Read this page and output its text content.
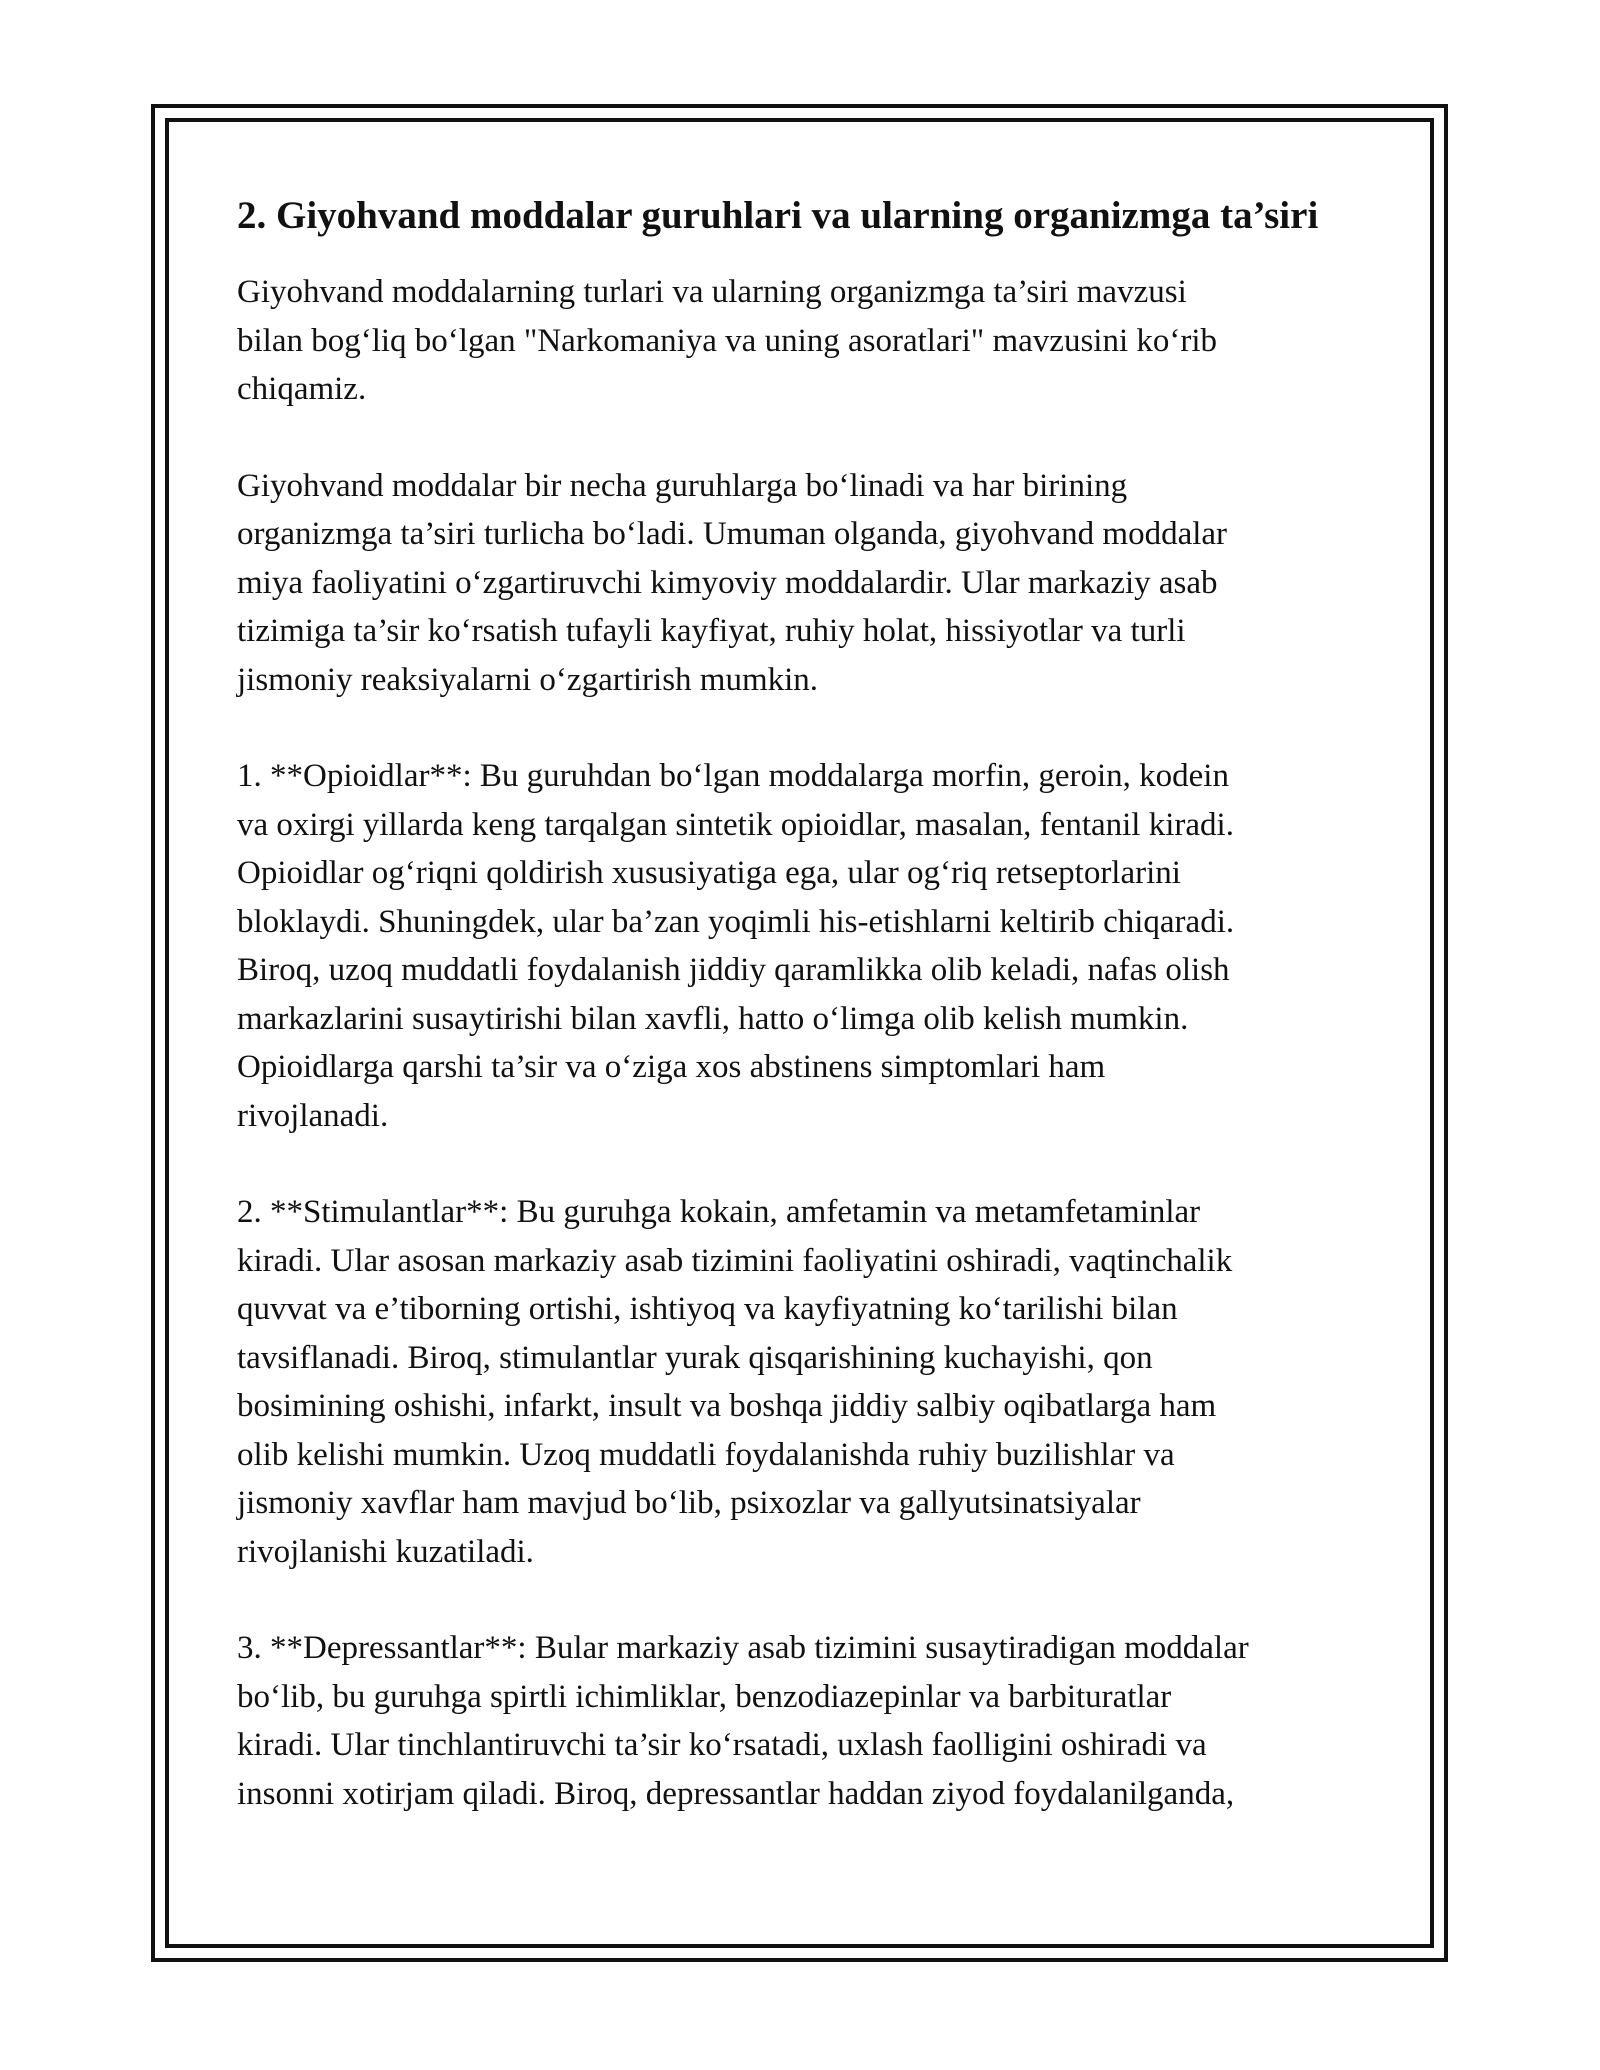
2. Giyohvand moddalar guruhlari va ularning organizmga ta’siri

Giyohvand moddalarning turlari va ularning organizmga ta’siri mavzusi
bilan bog‘liq bo‘lgan "Narkomaniya va uning asoratlari" mavzusini ko‘rib
chiqamiz.

Giyohvand moddalar bir necha guruhlarga bo‘linadi va har birining
organizmga ta’siri turlicha bo‘ladi. Umuman olganda, giyohvand moddalar
miya faoliyatini o‘zgartiruvchi kimyoviy moddalardir. Ular markaziy asab
tizimiga ta’sir ko‘rsatish tufayli kayfiyat, ruhiy holat, hissiyotlar va turli
jismoniy reaksiyalarni o‘zgartirish mumkin.

1. **Opioidlar**: Bu guruhdan bo‘lgan moddalarga morfin, geroin, kodein
va oxirgi yillarda keng tarqalgan sintetik opioidlar, masalan, fentanil kiradi.
Opioidlar og‘riqni qoldirish xususiyatiga ega, ular og‘riq retseptorlarini
bloklaydi. Shuningdek, ular ba’zan yoqimli his-etishlarni keltirib chiqaradi.
Biroq, uzoq muddatli foydalanish jiddiy qaramlikka olib keladi, nafas olish
markazlarini susaytirishi bilan xavfli, hatto o‘limga olib kelish mumkin.
Opioidlarga qarshi ta’sir va o‘ziga xos abstinens simptomlari ham
rivojlanadi.

2. **Stimulantlar**: Bu guruhga kokain, amfetamin va metamfetaminlar
kiradi. Ular asosan markaziy asab tizimini faoliyatini oshiradi, vaqtinchalik
quvvat va e’tiborning ortishi, ishtiyoq va kayfiyatning ko‘tarilishi bilan
tavsiflanadi. Biroq, stimulantlar yurak qisqarishining kuchayishi, qon
bosimining oshishi, infarkt, insult va boshqa jiddiy salbiy oqibatlarga ham
olib kelishi mumkin. Uzoq muddatli foydalanishda ruhiy buzilishlar va
jismoniy xavflar ham mavjud bo‘lib, psixozlar va gallyutsinatsiyalar
rivojlanishi kuzatiladi.

3. **Depressantlar**: Bular markaziy asab tizimini susaytiradigan moddalar
bo‘lib, bu guruhga spirtli ichimliklar, benzodiazepinlar va barbituratlar
kiradi. Ular tinchlantiruvchi ta’sir ko‘rsatadi, uxlash faolligini oshiradi va
insonni xotirjam qiladi. Biroq, depressantlar haddan ziyod foydalanilganda,
